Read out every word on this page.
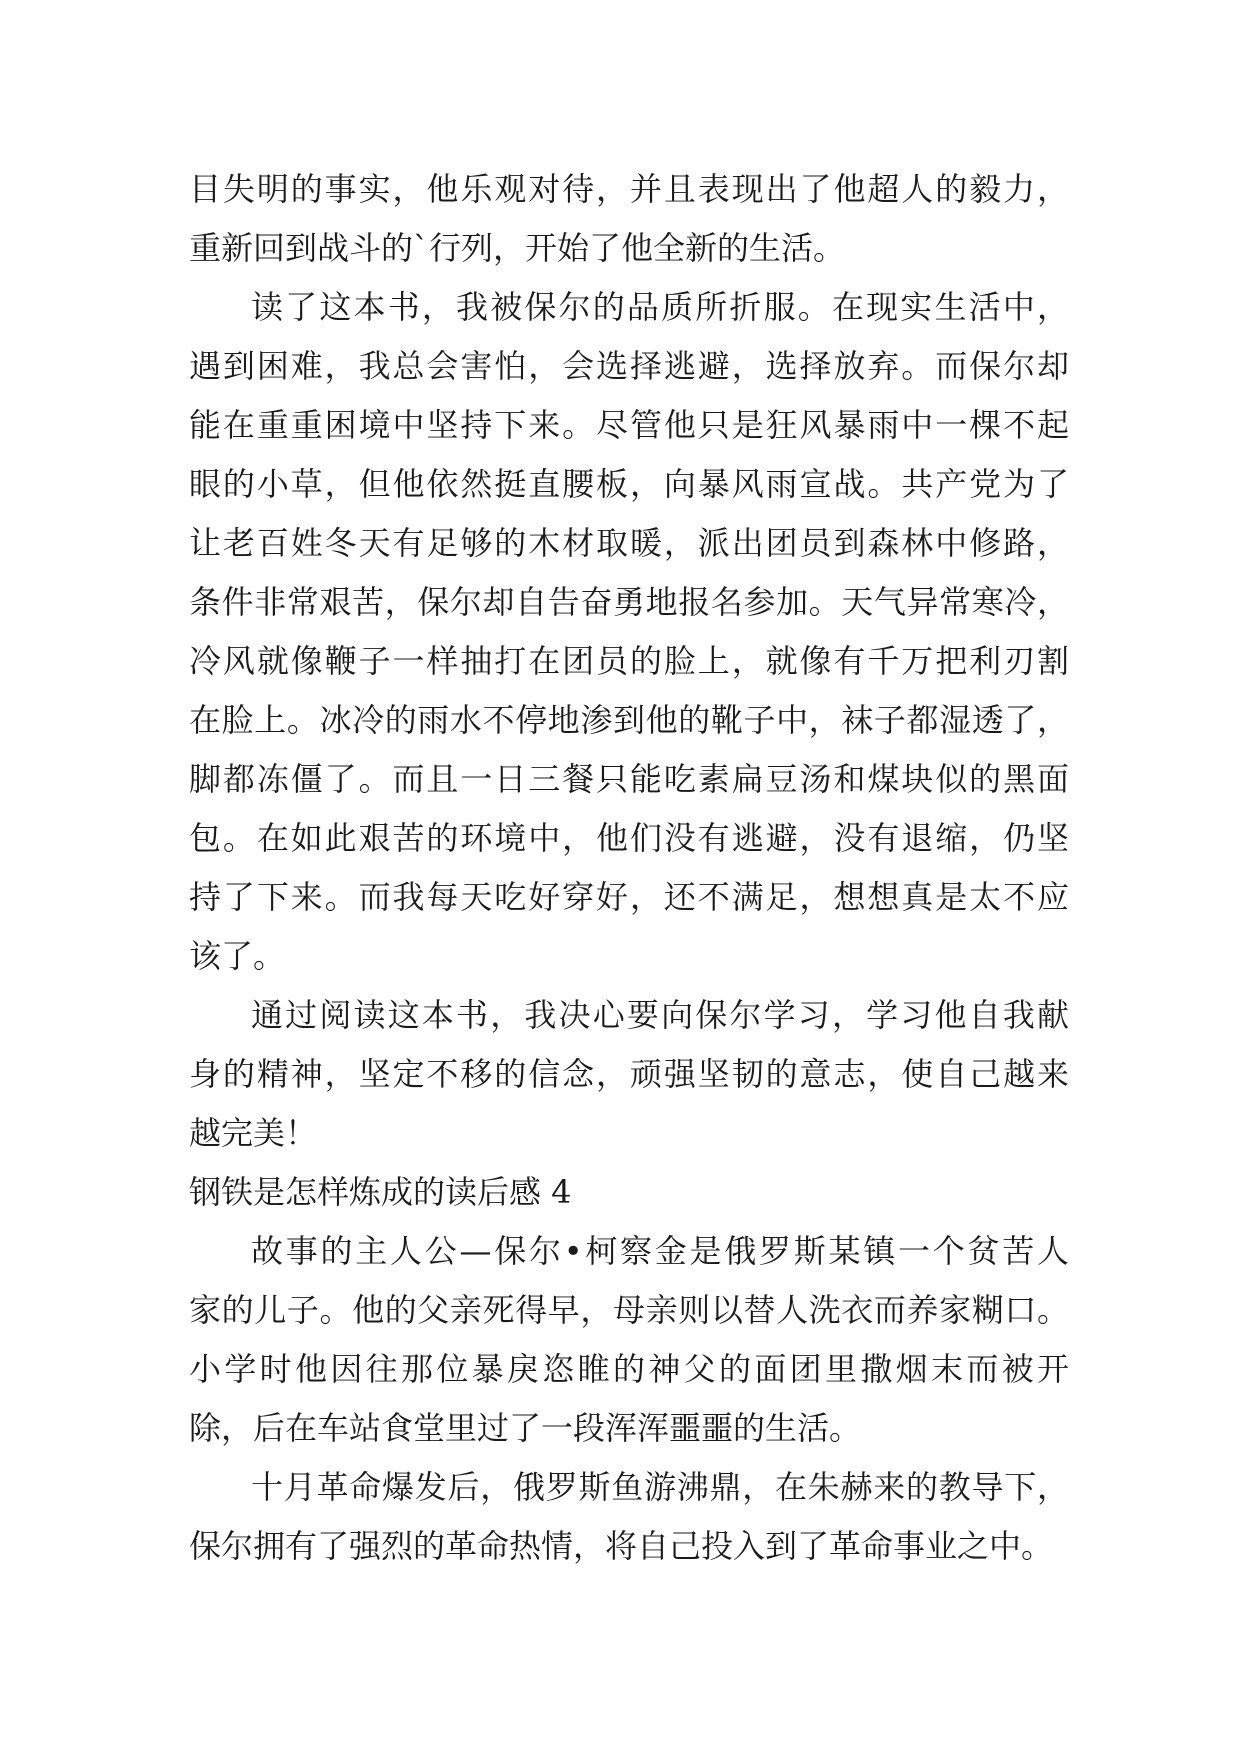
目失明的事实，他乐观对待，并且表现出了他超人的毅力，
重新回到战斗的`行列，开始了他全新的生活。
读了这本书，我被保尔的品质所折服。在现实生活中，
遇到困难，我总会害怕，会选择逃避，选择放弃。而保尔却
能在重重困境中坚持下来。尽管他只是狂风暴雨中一棵不起
眼的小草，但他依然挺直腰板，向暴风雨宣战。共产党为了
让老百姓冬天有足够的木材取暖，派出团员到森林中修路，
条件非常艰苦，保尔却自告奋勇地报名参加。天气异常寒冷，
冷风就像鞭子一样抽打在团员的脸上，就像有千万把利刃割
在脸上。冰冷的雨水不停地渗到他的靴子中，袜子都湿透了，
脚都冻僵了。而且一日三餐只能吃素扁豆汤和煤块似的黑面
包。在如此艰苦的环境中，他们没有逃避，没有退缩，仍坚
持了下来。而我每天吃好穿好，还不满足，想想真是太不应
该了。
通过阅读这本书，我决心要向保尔学习，学习他自我献
身的精神，坚定不移的信念，顽强坚韧的意志，使自己越来
越完美！
钢铁是怎样炼成的读后感 4
故事的主人公—保尔•柯察金是俄罗斯某镇一个贫苦人
家的儿子。他的父亲死得早，母亲则以替人洗衣而养家糊口。
小学时他因往那位暴戾恣睢的神父的面团里撒烟末而被开
除，后在车站食堂里过了一段浑浑噩噩的生活。
十月革命爆发后，俄罗斯鱼游沸鼎，在朱赫来的教导下，
保尔拥有了强烈的革命热情，将自己投入到了革命事业之中。
